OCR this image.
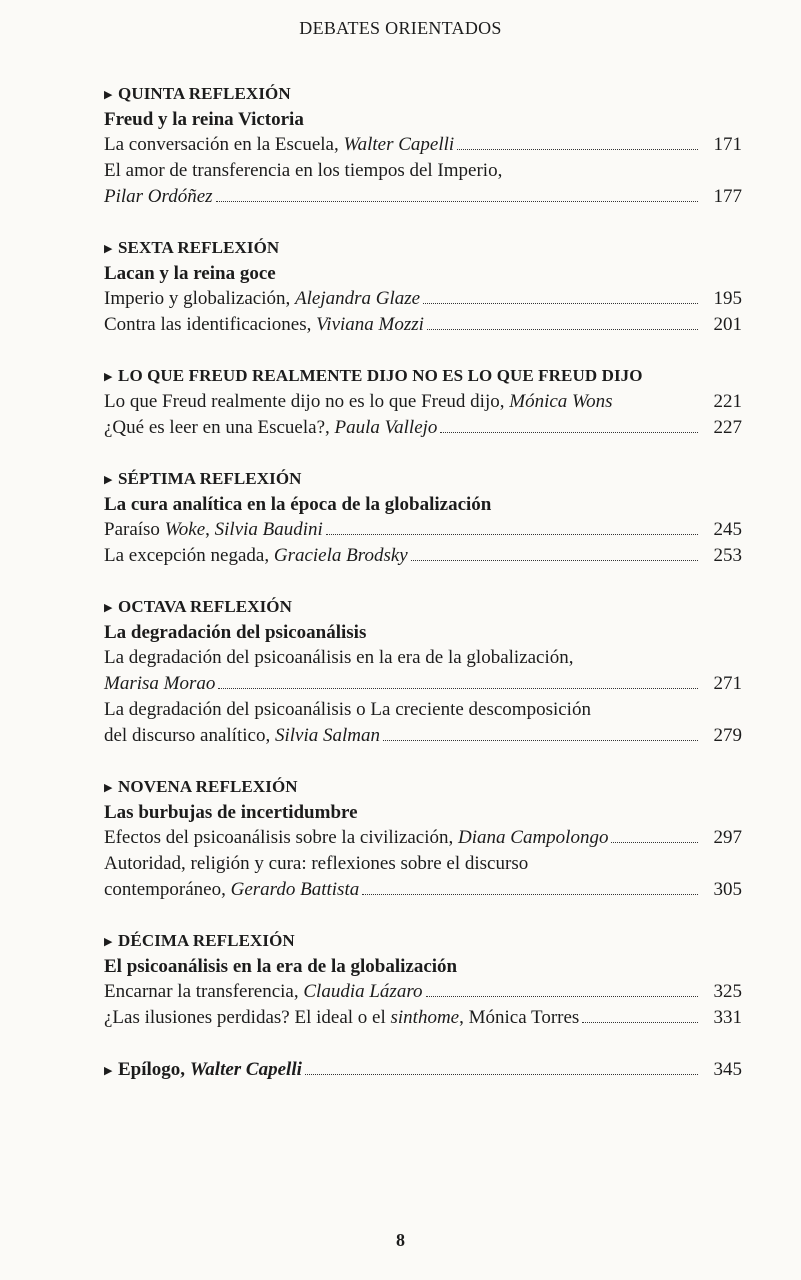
DEBATES ORIENTADOS
▶ QUINTA REFLEXIÓN
Freud y la reina Victoria
La conversación en la Escuela, Walter Capelli	171
El amor de transferencia en los tiempos del Imperio,
Pilar Ordóñez	177
▶ SEXTA REFLEXIÓN
Lacan y la reina goce
Imperio y globalización, Alejandra Glaze	195
Contra las identificaciones, Viviana Mozzi	201
▶ LO QUE FREUD REALMENTE DIJO NO ES LO QUE FREUD DIJO
Lo que Freud realmente dijo no es lo que Freud dijo, Mónica Wons	221
¿Qué es leer en una Escuela?, Paula Vallejo	227
▶ SÉPTIMA REFLEXIÓN
La cura analítica en la época de la globalización
Paraíso Woke, Silvia Baudini	245
La excepción negada, Graciela Brodsky	253
▶ OCTAVA REFLEXIÓN
La degradación del psicoanálisis
La degradación del psicoanálisis en la era de la globalización,
Marisa Morao	271
La degradación del psicoanálisis o La creciente descomposición
del discurso analítico, Silvia Salman	279
▶ NOVENA REFLEXIÓN
Las burbujas de incertidumbre
Efectos del psicoanálisis sobre la civilización, Diana Campolongo	297
Autoridad, religión y cura: reflexiones sobre el discurso
contemporáneo, Gerardo Battista	305
▶ DÉCIMA REFLEXIÓN
El psicoanálisis en la era de la globalización
Encarnar la transferencia, Claudia Lázaro	325
¿Las ilusiones perdidas? El ideal o el sinthome, Mónica Torres	331
▶ Epílogo, Walter Capelli	345
8
